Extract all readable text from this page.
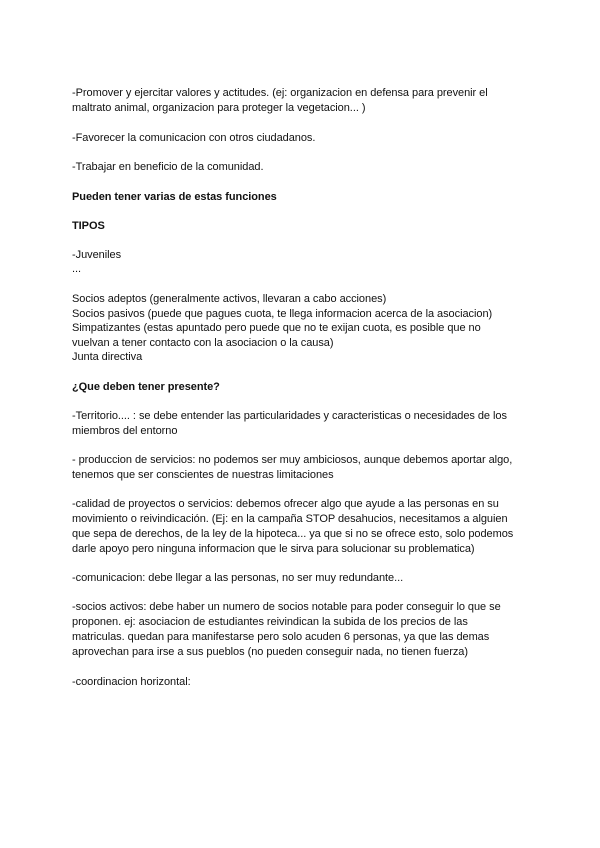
-Promover y ejercitar valores y actitudes. (ej: organizacion en defensa para prevenir el
maltrato animal, organizacion para proteger la vegetacion... )
-Favorecer la comunicacion con otros ciudadanos.
-Trabajar en beneficio de la comunidad.
Pueden tener varias de estas funciones
TIPOS
-Juveniles
...
Socios adeptos (generalmente activos, llevaran a cabo acciones)
Socios pasivos (puede que pagues cuota, te llega informacion acerca de la asociacion)
Simpatizantes (estas apuntado pero puede que no te exijan cuota, es posible que no
vuelvan a tener contacto con la asociacion o la causa)
Junta directiva
¿Que deben tener presente?
-Territorio.... : se debe entender las particularidades y caracteristicas o necesidades de los
miembros del entorno
- produccion de servicios: no podemos ser muy ambiciosos, aunque debemos aportar algo,
tenemos que ser conscientes de nuestras limitaciones
-calidad de proyectos o servicios: debemos ofrecer algo que ayude a las personas en su
movimiento o reivindicación. (Ej: en la campaña STOP desahucios, necesitamos a alguien
que sepa de derechos, de la ley de la hipoteca... ya que si no se ofrece esto, solo podemos
darle apoyo pero ninguna informacion que le sirva para solucionar su problematica)
-comunicacion: debe llegar a las personas, no ser muy redundante...
-socios activos: debe haber un numero de socios notable para poder conseguir lo que se
proponen. ej: asociacion de estudiantes reivindican la subida de los precios de las
matriculas. quedan para manifestarse pero solo acuden 6 personas, ya que las demas
aprovechan para irse a sus pueblos (no pueden conseguir nada, no tienen fuerza)
-coordinacion horizontal:
